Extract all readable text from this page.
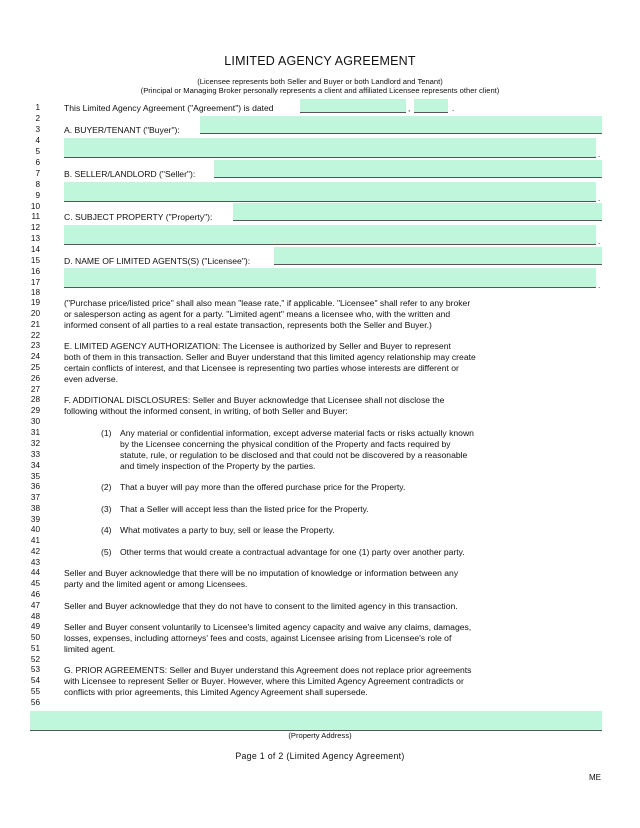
LIMITED AGENCY AGREEMENT
(Licensee represents both Seller and Buyer or both Landlord and Tenant)
(Principal or Managing Broker personally represents a client and affiliated Licensee represents other client)
1
2
3
4
5
6
7
8
9
10
11
12
13
14
15
16
17
18
19
20
21
22
23
24
25
26
27
28
29
30
31
32
33
34
35
36
37
38
39
40
41
42
43
44
45
46
47
48
49
50
51
52
53
54
55
56
This Limited Agency Agreement ("Agreement") is dated	,	.
A. BUYER/TENANT ("Buyer"):
.
B. SELLER/LANDLORD ("Seller"):
.
C. SUBJECT PROPERTY ("Property"):
.
D. NAME OF LIMITED AGENTS(S) ("Licensee"):
.
("Purchase price/listed price" shall also mean "lease rate," if applicable. "Licensee" shall refer to any broker
or salesperson acting as agent for a party. "Limited agent" means a licensee who, with the written and
informed consent of all parties to a real estate transaction, represents both the Seller and Buyer.)
E. LIMITED AGENCY AUTHORIZATION: The Licensee is authorized by Seller and Buyer to represent
both of them in this transaction. Seller and Buyer understand that this limited agency relationship may create
certain conflicts of interest, and that Licensee is representing two parties whose interests are different or
even adverse.
F. ADDITIONAL DISCLOSURES: Seller and Buyer acknowledge that Licensee shall not disclose the
following without the informed consent, in writing, of both Seller and Buyer:
(1) Any material or confidential information, except adverse material facts or risks actually known
by the Licensee concerning the physical condition of the Property and facts required by
statute, rule, or regulation to be disclosed and that could not be discovered by a reasonable
and timely inspection of the Property by the parties.
(2) That a buyer will pay more than the offered purchase price for the Property.
(3) That a Seller will accept less than the listed price for the Property.
(4) What motivates a party to buy, sell or lease the Property.
(5) Other terms that would create a contractual advantage for one (1) party over another party.
Seller and Buyer acknowledge that there will be no imputation of knowledge or information between any
party and the limited agent or among Licensees.
Seller and Buyer acknowledge that they do not have to consent to the limited agency in this transaction.
Seller and Buyer consent voluntarily to Licensee's limited agency capacity and waive any claims, damages,
losses, expenses, including attorneys' fees and costs, against Licensee arising from Licensee's role of
limited agent.
G. PRIOR AGREEMENTS: Seller and Buyer understand this Agreement does not replace prior agreements
with Licensee to represent Seller or Buyer. However, where this Limited Agency Agreement contradicts or
conflicts with prior agreements, this Limited Agency Agreement shall supersede.
(Property Address)
Page 1 of 2 (Limited Agency Agreement)
ME
